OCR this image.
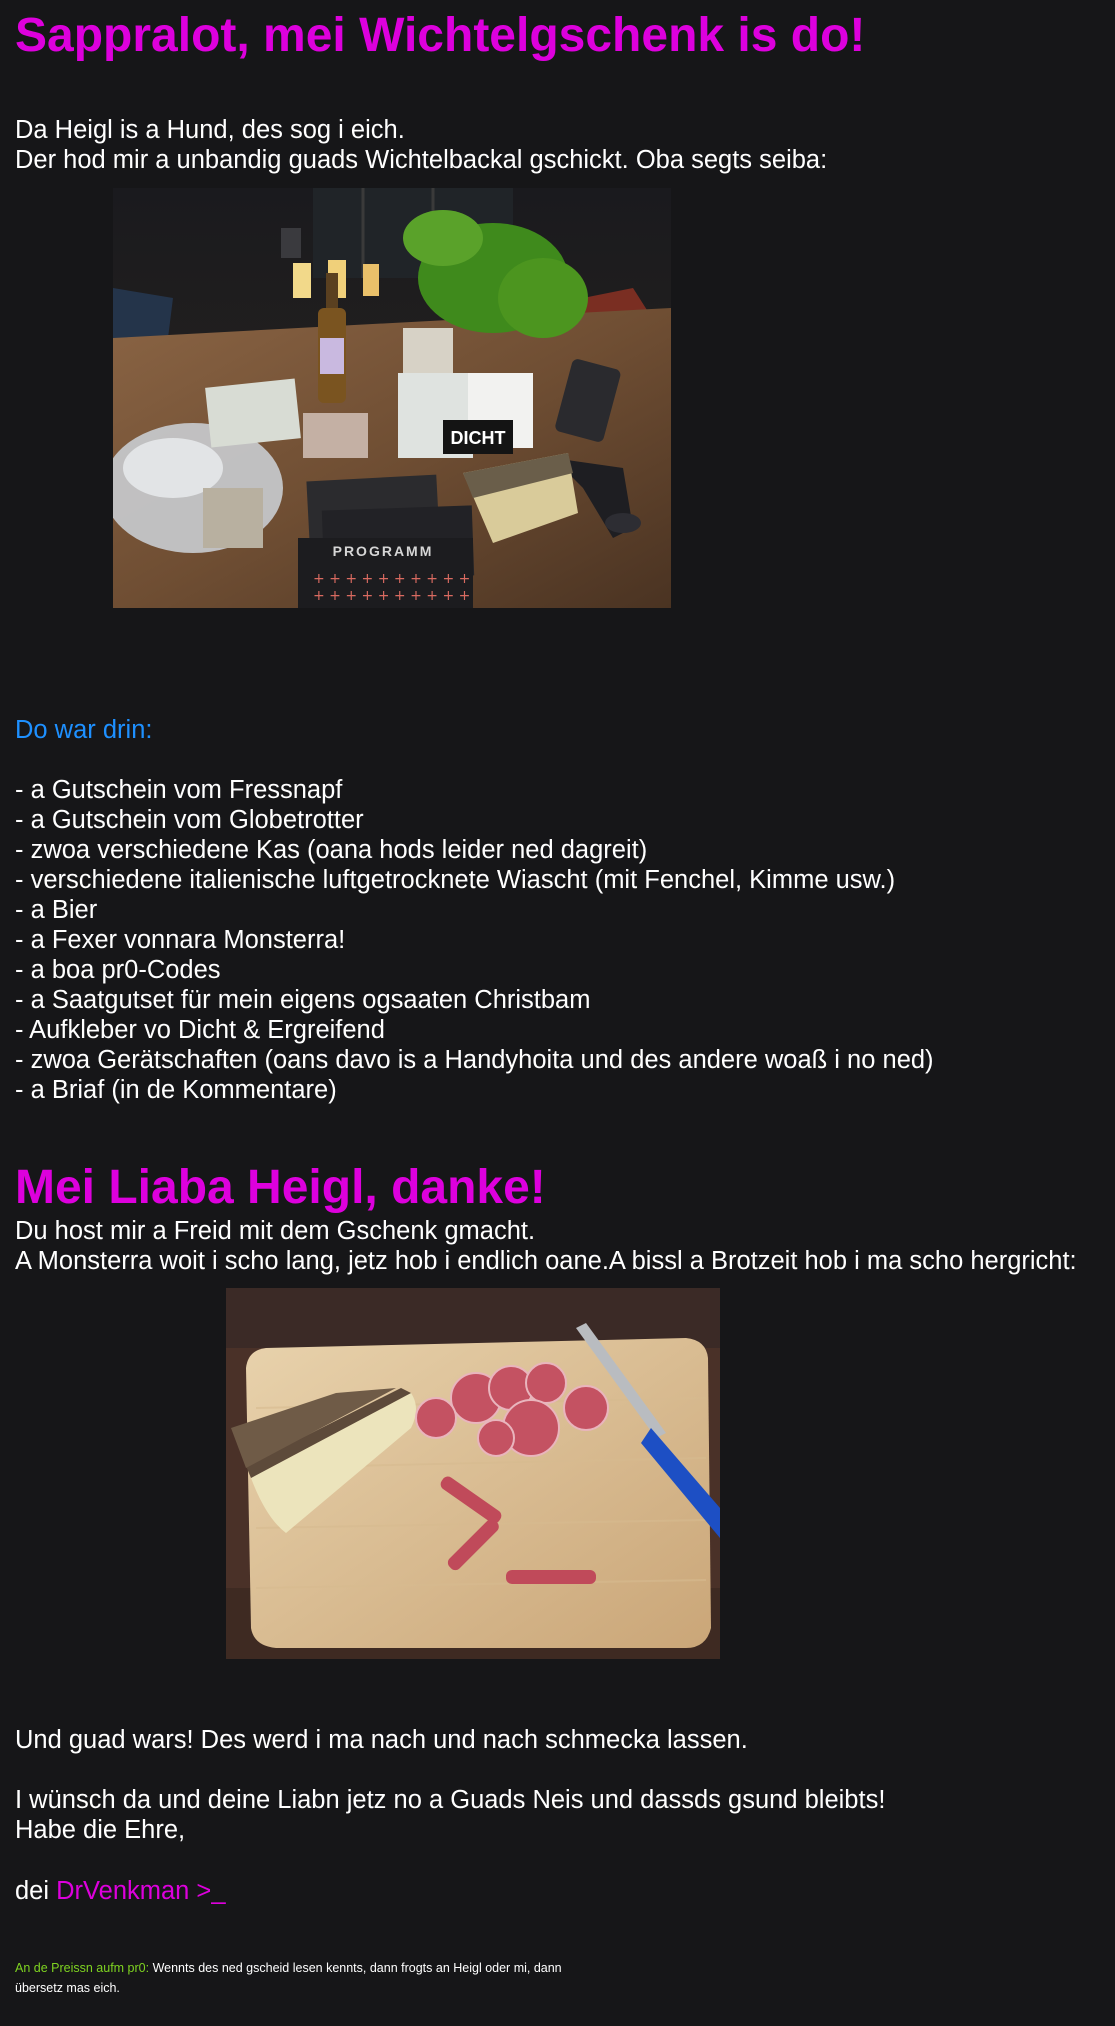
Sappralot, mei Wichtelgschenk is do!
Da Heigl is a Hund, des sog i eich.
Der hod mir a unbandig guads Wichtelbackal gschickt. Oba segts seiba:
Do war drin:
- a Gutschein vom Fressnapf
- a Gutschein vom Globetrotter
- zwoa verschiedene Kas (oana hods leider ned dagreit)
- verschiedene italienische luftgetrocknete Wiascht (mit Fenchel, Kimme usw.)
- a Bier
- a Fexer vonnara Monsterra!
- a boa pr0-Codes
- a Saatgutset für mein eigens ogsaaten Christbam
- Aufkleber vo Dicht & Ergreifend
- zwoa Gerätschaften (oans davo is a Handyhoita und des andere woaß i no ned)
- a Briaf (in de Kommentare)
Mei Liaba Heigl, danke!
Du host mir a Freid mit dem Gschenk gmacht.
A Monsterra woit i scho lang, jetz hob i endlich oane.A bissl a Brotzeit hob i ma scho hergricht:
Und guad wars! Des werd i ma nach und nach schmecka lassen.
I wünsch da und deine Liabn jetz no a Guads Neis und dassds gsund bleibts!
Habe die Ehre,
dei DrVenkman >_
An de Preissn aufm pr0: Wennts des ned gscheid lesen kennts, dann frogts an Heigl oder mi, dann
übersetz mas eich.
DICHT
PROGRAMM
+ + + + + + + + + +
+ + + + + + + + + +
